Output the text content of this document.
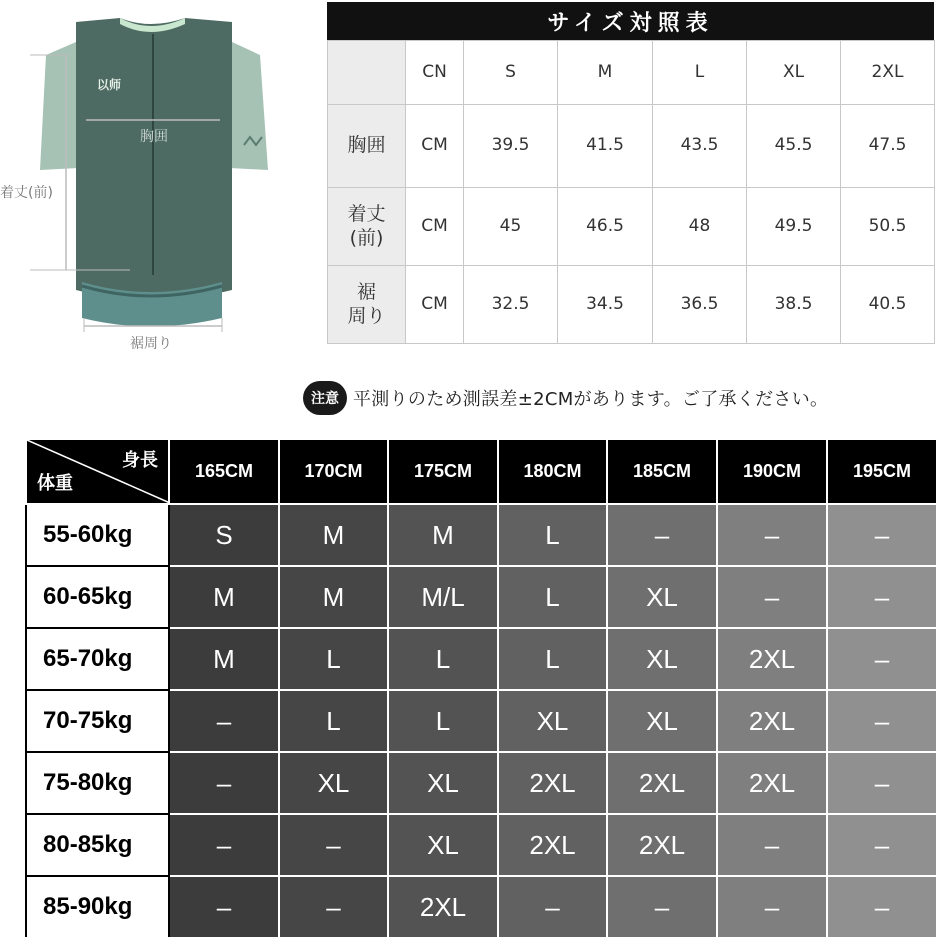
以师
胸囲
着丈(前)
裾周り
サイズ対照表
	CN	S	M	L	XL	2XL
胸囲	CM	39.5	41.5	43.5	45.5	47.5
着丈
(前)	CM	45	46.5	48	49.5	50.5
裾
周り	CM	32.5	34.5	36.5	38.5	40.5
注意 平測りのため測誤差±2CMがあります。ご了承ください。
身長
体重	165CM	170CM	175CM	180CM	185CM	190CM	195CM
55-60kg	S	M	M	L	–	–	–
60-65kg	M	M	M/L	L	XL	–	–
65-70kg	M	L	L	L	XL	2XL	–
70-75kg	–	L	L	XL	XL	2XL	–
75-80kg	–	XL	XL	2XL	2XL	2XL	–
80-85kg	–	–	XL	2XL	2XL	–	–
85-90kg	–	–	2XL	–	–	–	–
